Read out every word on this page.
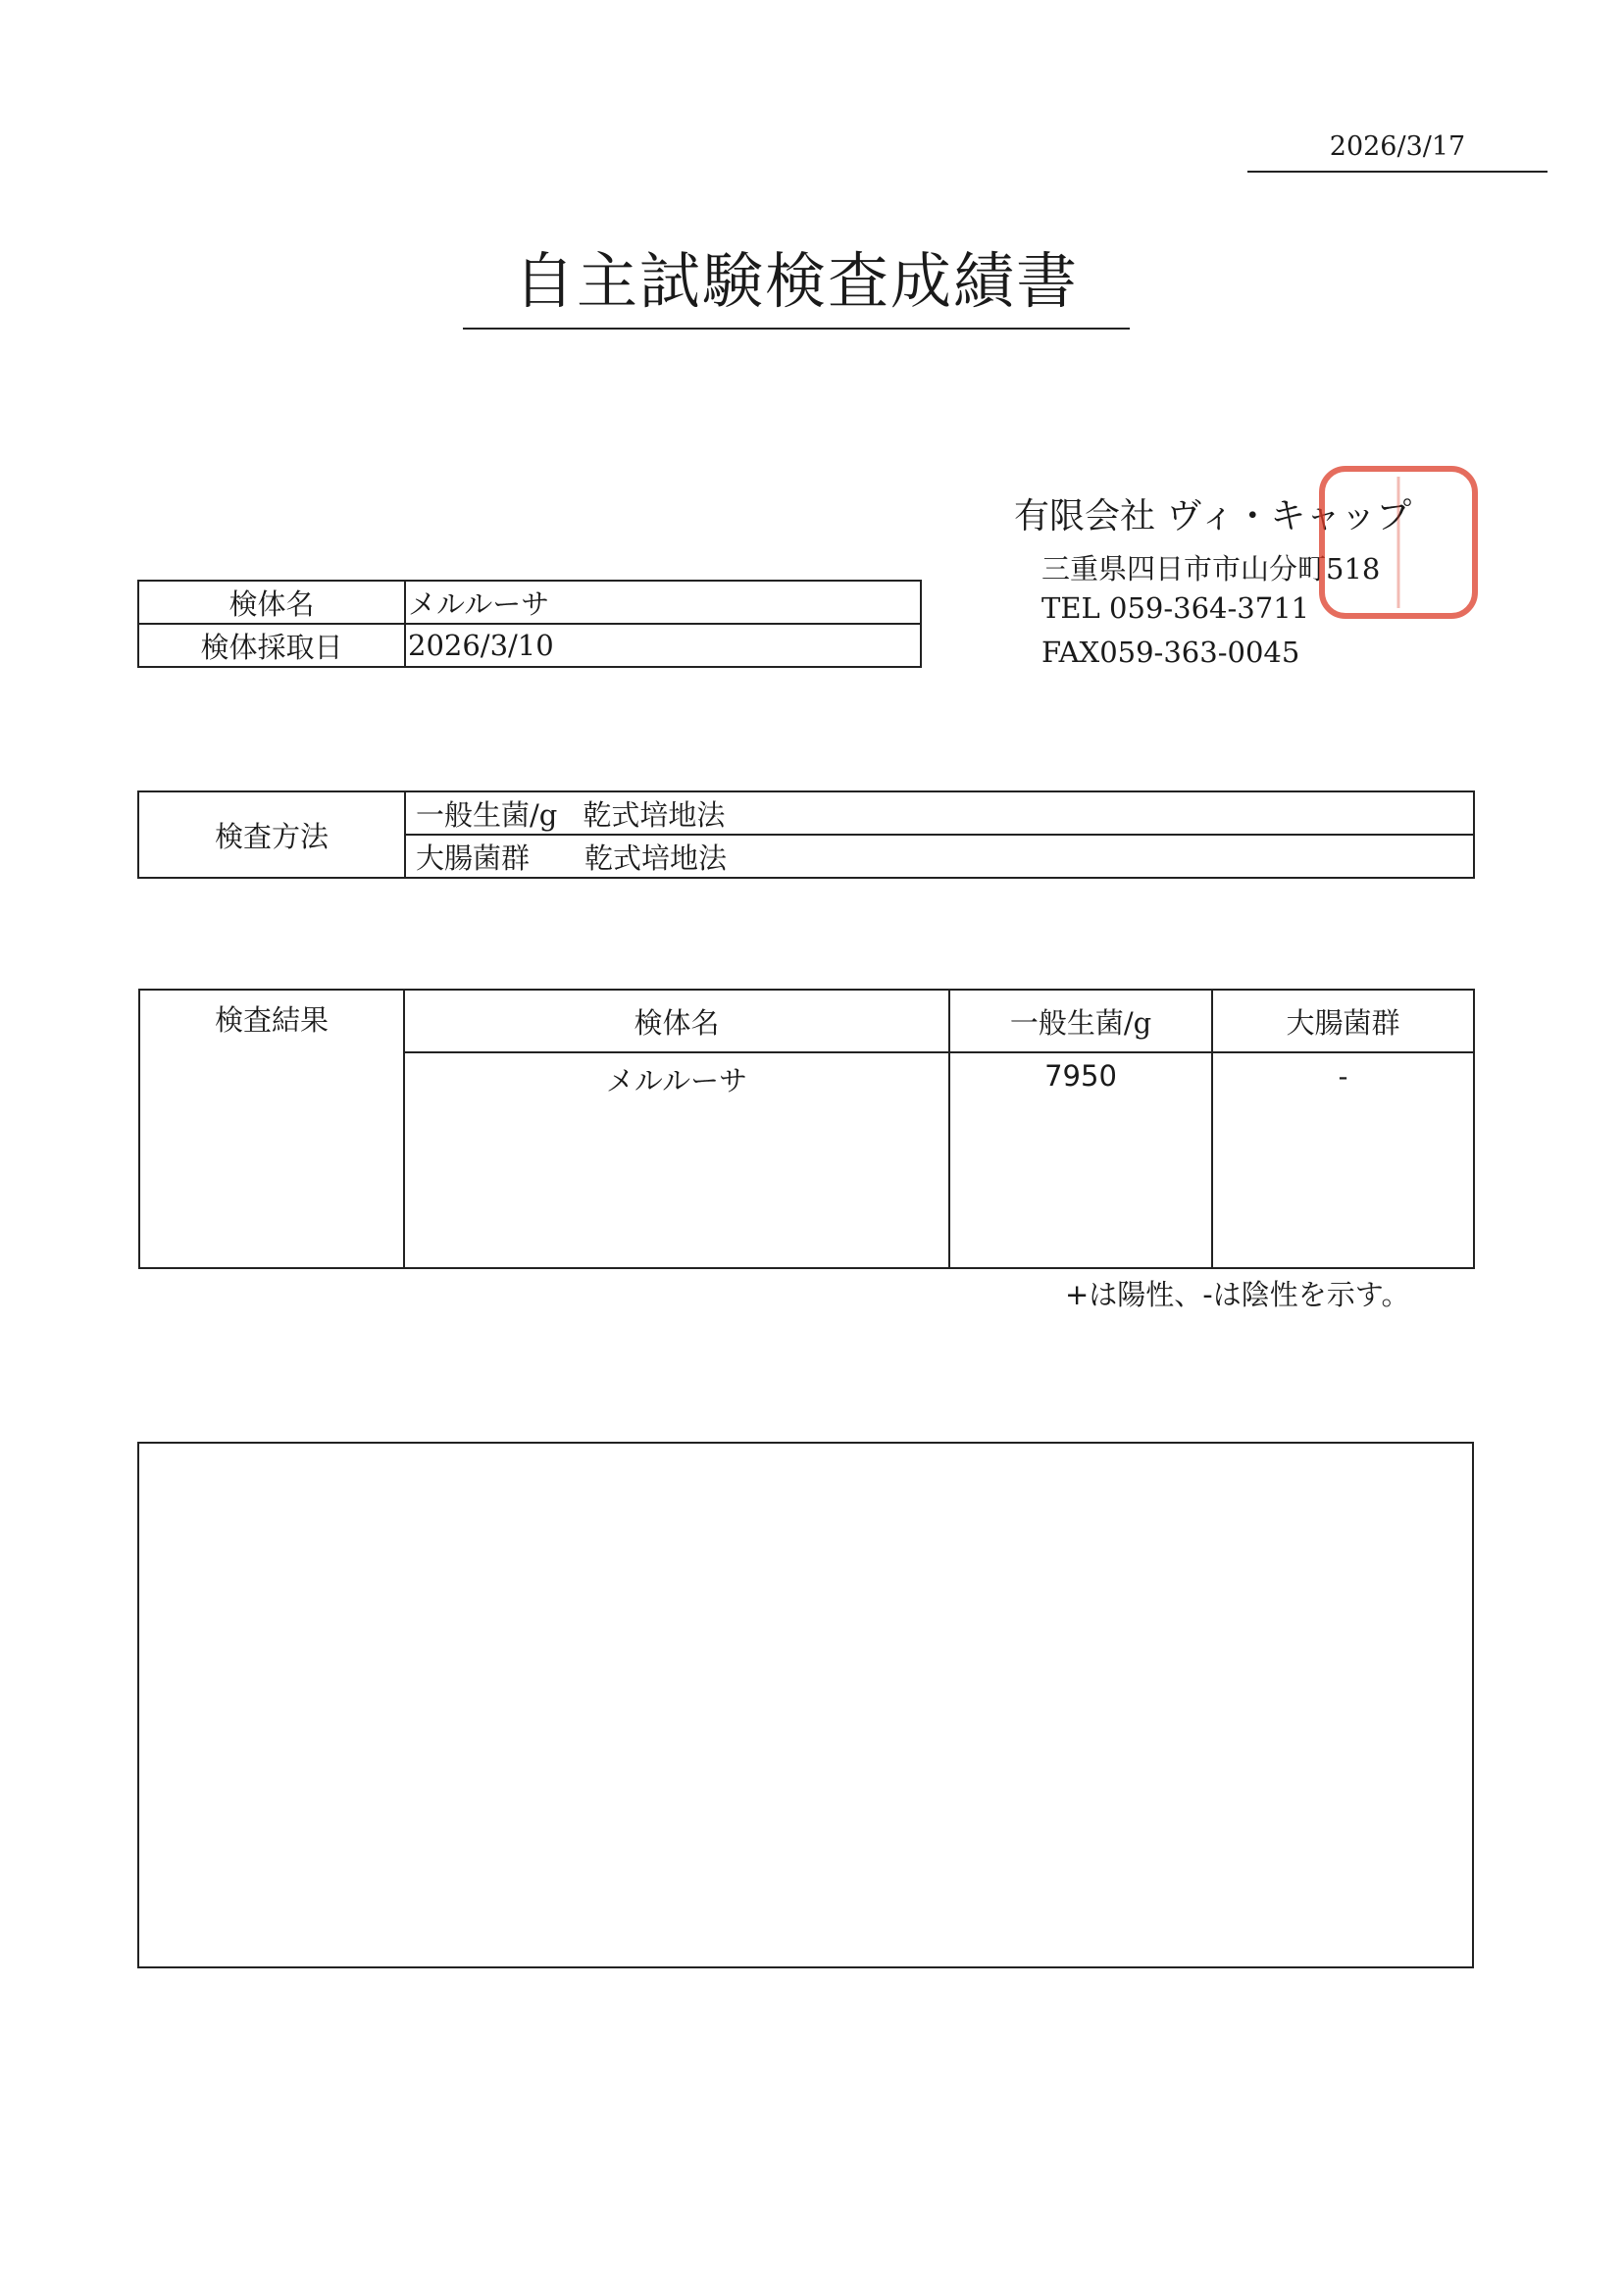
2026/3/17
自主試験検査成績書
有限会社 ヴィ・キャップ
三重県四日市市山分町518
TEL 059-364-3711
FAX059-363-0045
検体名	メルルーサ
検体採取日	2026/3/10
検査方法	一般生菌/g 乾式培地法
大腸菌群 乾式培地法
検査結果	検体名	一般生菌/g	大腸菌群
	メルルーサ	7950	-
+は陽性、-は陰性を示す。
